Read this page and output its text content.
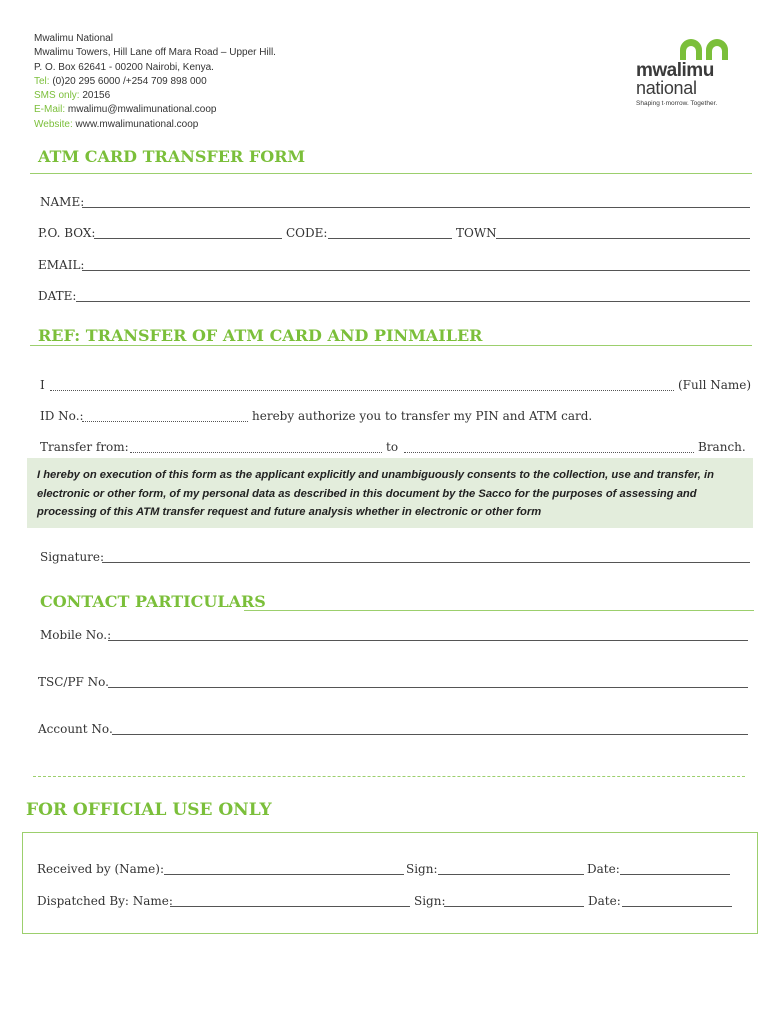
Mwalimu National
Mwalimu Towers, Hill Lane off Mara Road – Upper Hill.
P. O. Box 62641 - 00200 Nairobi, Kenya.
Tel: (0)20 295 6000 /+254 709 898 000
SMS only: 20156
E-Mail: mwalimu@mwalimunational.coop
Website: www.mwalimunational.coop
mwalimu
national
Shaping t·morrow. Together.
ATM CARD TRANSFER FORM
NAME:
P.O. BOX:	CODE:	TOWN
EMAIL:
DATE:
REF: TRANSFER OF ATM CARD AND PINMAILER
I	(Full Name)
ID No.:	hereby authorize you to transfer my PIN and ATM card.
Transfer from:	to	Branch.
I hereby on execution of this form as the applicant explicitly and unambiguously consents to the collection, use and transfer, in electronic or other form, of my personal data as described in this document by the Sacco for the purposes of assessing and processing of this ATM transfer request and future analysis whether in electronic or other form
Signature:
CONTACT PARTICULARS
Mobile No.:
TSC/PF No.
Account No.
FOR OFFICIAL USE ONLY
Received by (Name):	Sign:	Date:
Dispatched By: Name:	Sign:	Date:
